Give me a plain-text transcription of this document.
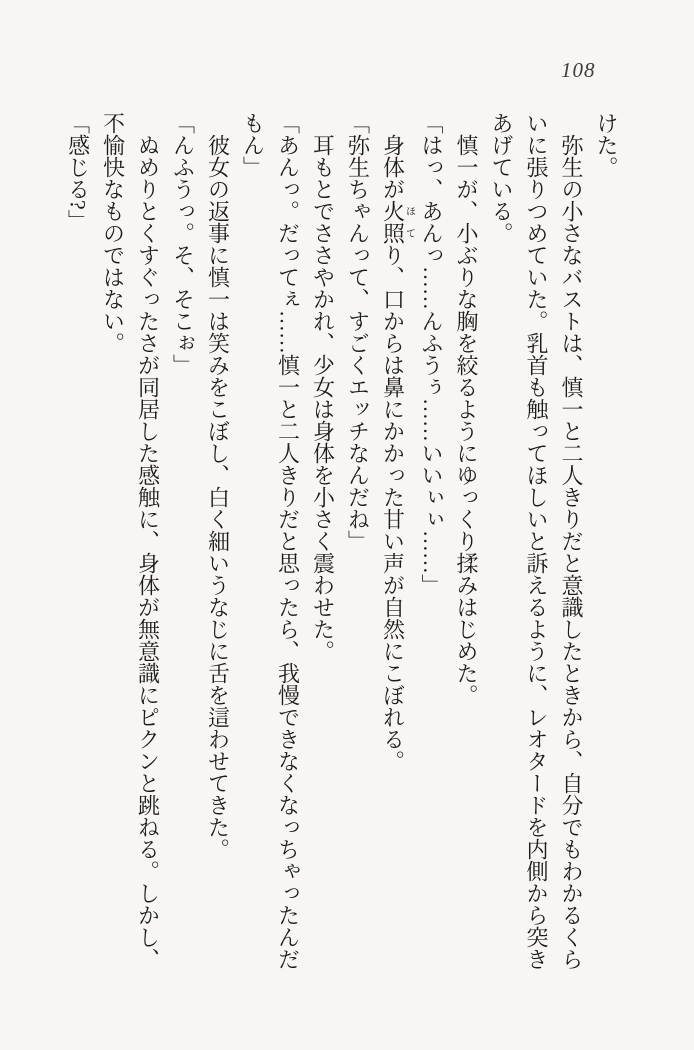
108

けた。

弥生の小さなバストは、慎一と二人きりだと意識したときから、自分でもわかるくらいに張りつめていた。乳首も触ってほしいと訴えるように、レオタードを内側から突きあげている。

慎一が、小ぶりな胸を絞るようにゆっくり揉みはじめた。

「はっ、あんっ……んふうぅ……いいぃぃ……」

身体が火照ほてり、口からは鼻にかかった甘い声が自然にこぼれる。

「弥生ちゃんって、すごくエッチなんだね」

耳もとでささやかれ、少女は身体を小さく震わせた。

「あんっ。だってぇ……慎一と二人きりだと思ったら、我慢できなくなっちゃったんだもん」

彼女の返事に慎一は笑みをこぼし、白く細いうなじに舌を這わせてきた。

「んふうっ。そ、そこぉ」

ぬめりとくすぐったさが同居した感触に、身体が無意識にピクンと跳ねる。しかし、不愉快なものではない。

「感じる?」
